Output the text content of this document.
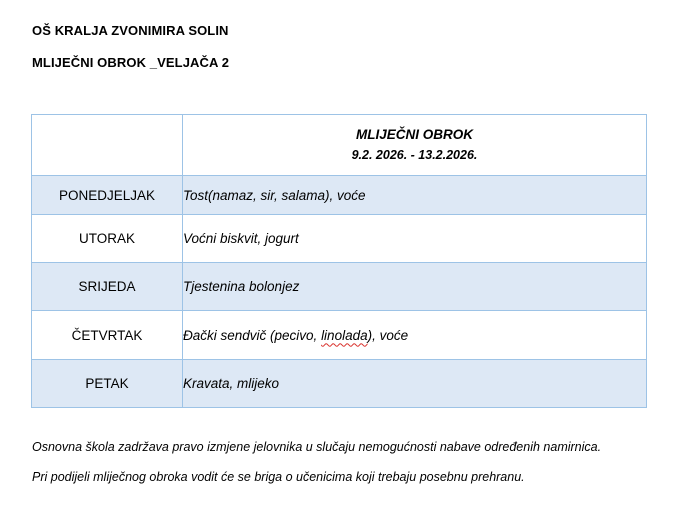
OŠ KRALJA ZVONIMIRA SOLIN
MLIJEČNI OBROK _VELJAČA 2

	MLIJEČNI OBROK
9.2. 2026. - 13.2.2026.

PONEDJELJAK	Tost(namaz, sir, salama), voće
UTORAK	Voćni biskvit, jogurt
SRIJEDA	Tjestenina bolonjez
ČETVRTAK	Đački sendvič (pecivo, linolada), voće
PETAK	Kravata, mlijeko
Osnovna škola zadržava pravo izmjene jelovnika u slučaju nemogućnosti nabave određenih namirnica.
Pri podijeli mliječnog obroka vodit će se briga o učenicima koji trebaju posebnu prehranu.
